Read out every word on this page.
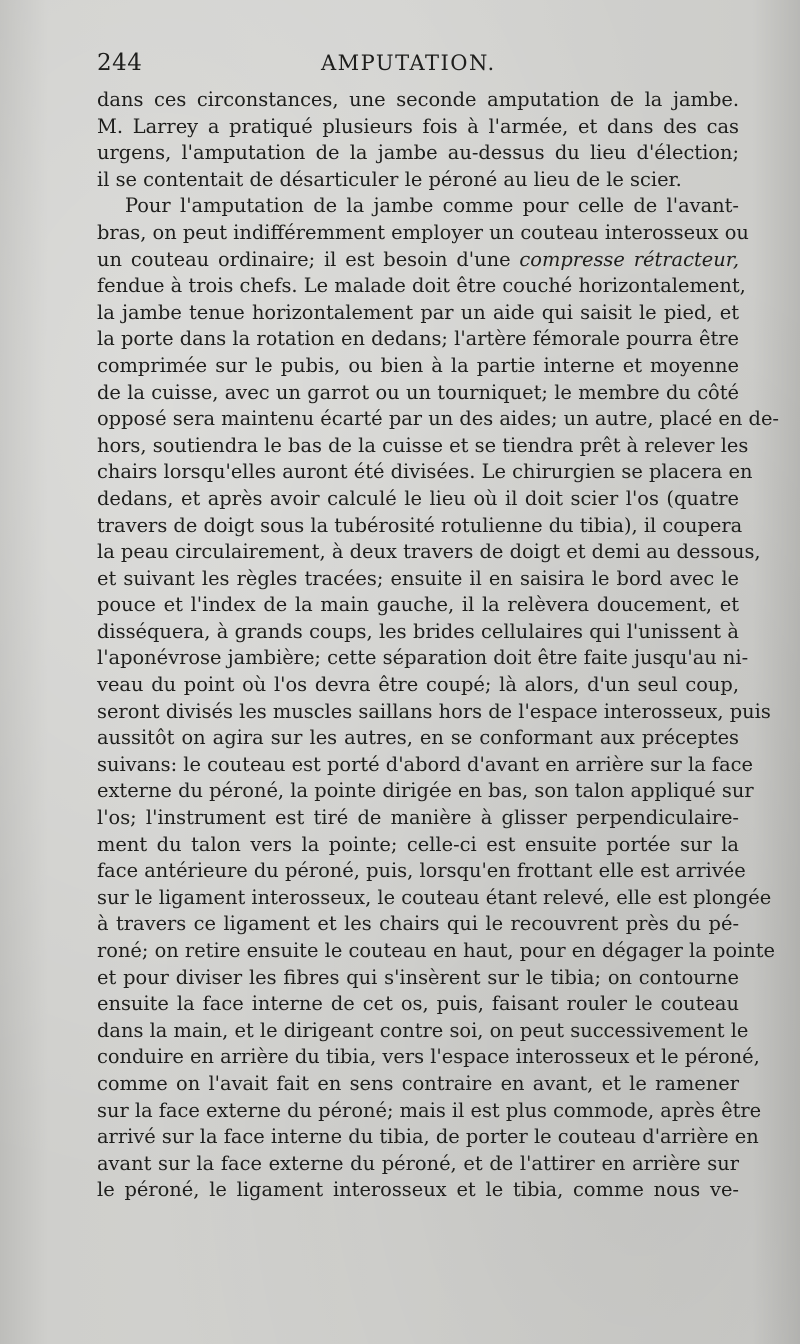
244	AMPUTATION.
dans ces circonstances, une seconde amputation de la jambe.
M. Larrey a pratiqué plusieurs fois à l'armée, et dans des cas
urgens, l'amputation de la jambe au-dessus du lieu d'élection;
il se contentait de désarticuler le péroné au lieu de le scier.
Pour l'amputation de la jambe comme pour celle de l'avant-
bras, on peut indifféremment employer un couteau interosseux ou
un couteau ordinaire; il est besoin d'une compresse rétracteur,
fendue à trois chefs. Le malade doit être couché horizontalement,
la jambe tenue horizontalement par un aide qui saisit le pied, et
la porte dans la rotation en dedans; l'artère fémorale pourra être
comprimée sur le pubis, ou bien à la partie interne et moyenne
de la cuisse, avec un garrot ou un tourniquet; le membre du côté
opposé sera maintenu écarté par un des aides; un autre, placé en de-
hors, soutiendra le bas de la cuisse et se tiendra prêt à relever les
chairs lorsqu'elles auront été divisées. Le chirurgien se placera en
dedans, et après avoir calculé le lieu où il doit scier l'os (quatre
travers de doigt sous la tubérosité rotulienne du tibia), il coupera
la peau circulairement, à deux travers de doigt et demi au dessous,
et suivant les règles tracées; ensuite il en saisira le bord avec le
pouce et l'index de la main gauche, il la relèvera doucement, et
disséquera, à grands coups, les brides cellulaires qui l'unissent à
l'aponévrose jambière; cette séparation doit être faite jusqu'au ni-
veau du point où l'os devra être coupé; là alors, d'un seul coup,
seront divisés les muscles saillans hors de l'espace interosseux, puis
aussitôt on agira sur les autres, en se conformant aux préceptes
suivans: le couteau est porté d'abord d'avant en arrière sur la face
externe du péroné, la pointe dirigée en bas, son talon appliqué sur
l'os; l'instrument est tiré de manière à glisser perpendiculaire-
ment du talon vers la pointe; celle-ci est ensuite portée sur la
face antérieure du péroné, puis, lorsqu'en frottant elle est arrivée
sur le ligament interosseux, le couteau étant relevé, elle est plongée
à travers ce ligament et les chairs qui le recouvrent près du pé-
roné; on retire ensuite le couteau en haut, pour en dégager la pointe
et pour diviser les fibres qui s'insèrent sur le tibia; on contourne
ensuite la face interne de cet os, puis, faisant rouler le couteau
dans la main, et le dirigeant contre soi, on peut successivement le
conduire en arrière du tibia, vers l'espace interosseux et le péroné,
comme on l'avait fait en sens contraire en avant, et le ramener
sur la face externe du péroné; mais il est plus commode, après être
arrivé sur la face interne du tibia, de porter le couteau d'arrière en
avant sur la face externe du péroné, et de l'attirer en arrière sur
le péroné, le ligament interosseux et le tibia, comme nous ve-
